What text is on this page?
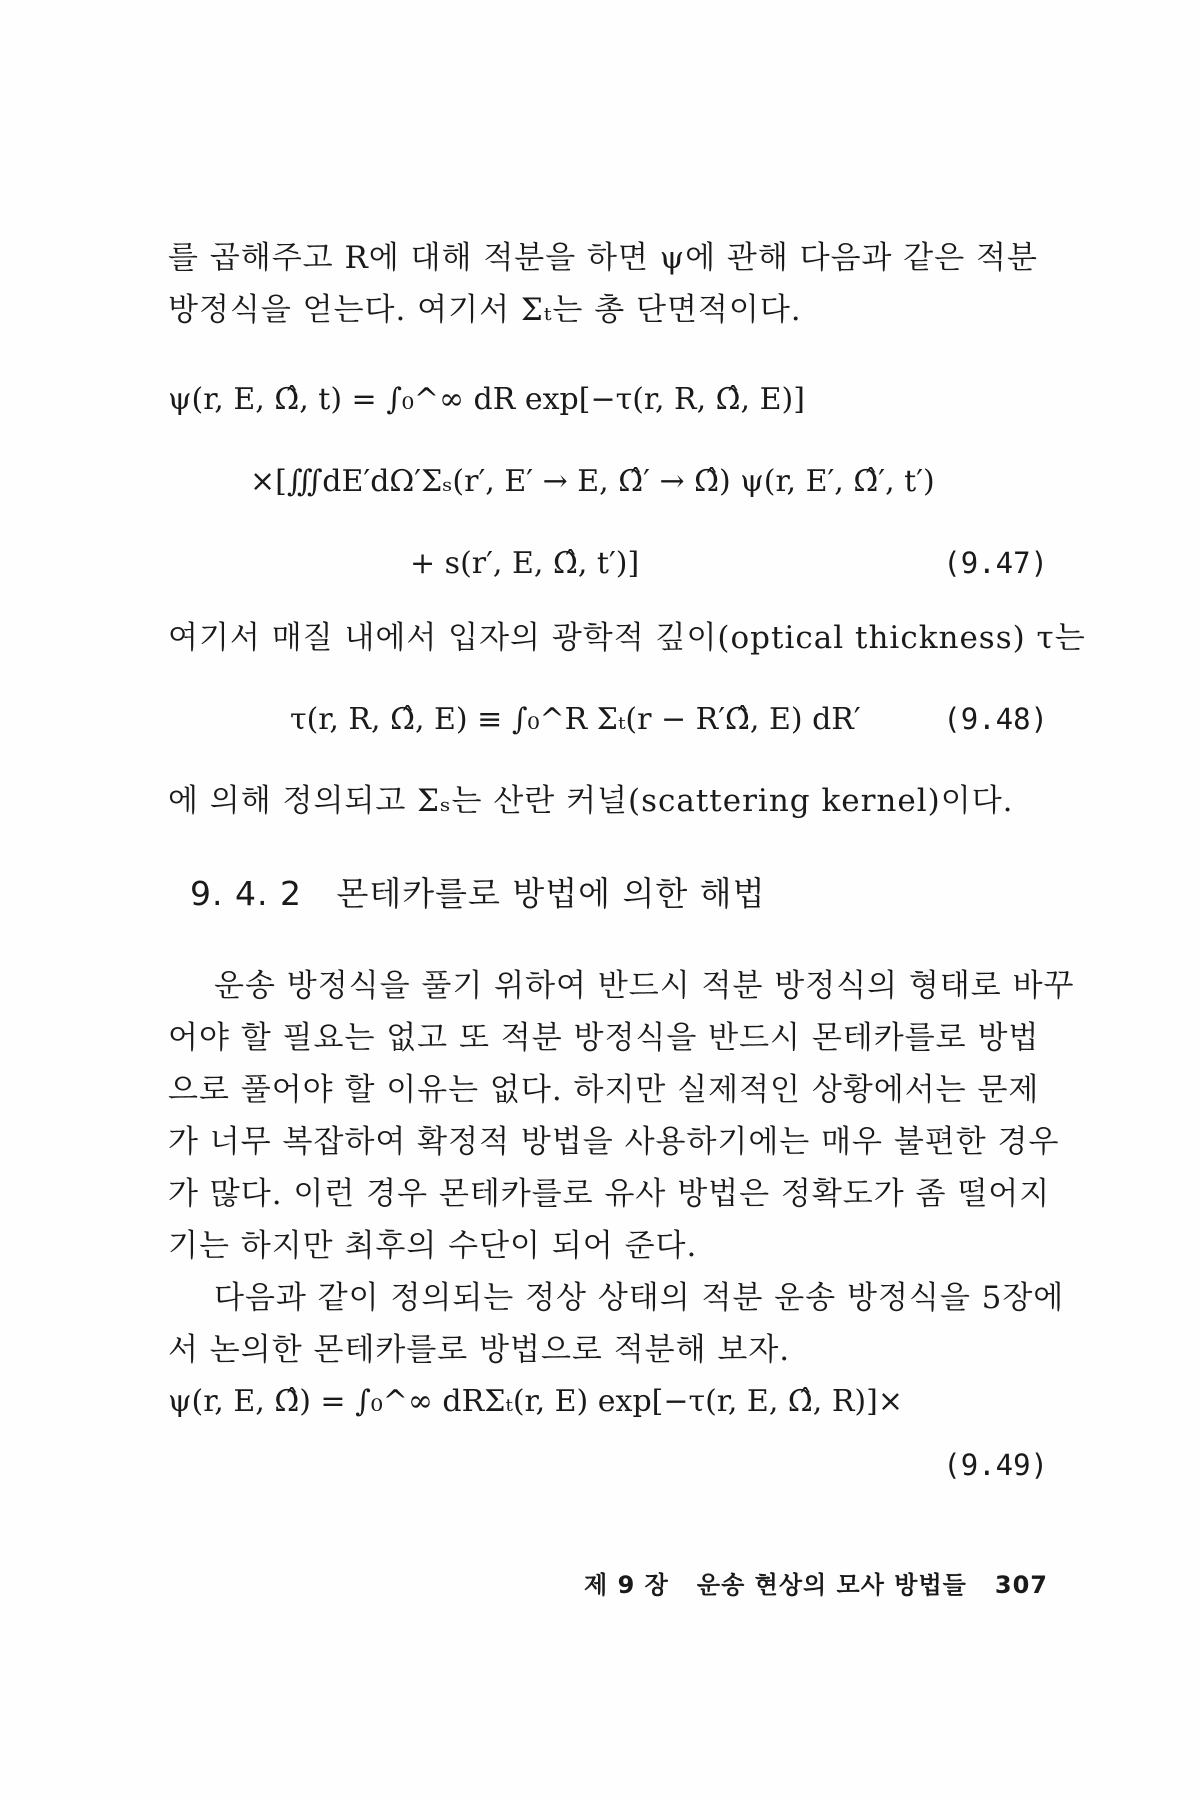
를 곱해주고 R에 대해 적분을 하면 ψ에 관해 다음과 같은 적분
방정식을 얻는다. 여기서 Σₜ는 총 단면적이다.
ψ(r, E, Ω̂, t) = ∫₀^∞ dR exp[−τ(r, R, Ω̂, E)]
×[∭dE′dΩ′Σₛ(r′, E′ → E, Ω̂′ → Ω̂) ψ(r, E′, Ω̂′, t′)
+ s(r′, E, Ω̂, t′)]	(9.47)
여기서 매질 내에서 입자의 광학적 깊이(optical thickness) τ는
τ(r, R, Ω̂, E) ≡ ∫₀^R Σₜ(r − R′Ω̂, E) dR′	(9.48)
에 의해 정의되고 Σₛ는 산란 커널(scattering kernel)이다.
9. 4. 2 몬테카를로 방법에 의한 해법
운송 방정식을 풀기 위하여 반드시 적분 방정식의 형태로 바꾸
어야 할 필요는 없고 또 적분 방정식을 반드시 몬테카를로 방법
으로 풀어야 할 이유는 없다. 하지만 실제적인 상황에서는 문제
가 너무 복잡하여 확정적 방법을 사용하기에는 매우 불편한 경우
가 많다. 이런 경우 몬테카를로 유사 방법은 정확도가 좀 떨어지
기는 하지만 최후의 수단이 되어 준다.
다음과 같이 정의되는 정상 상태의 적분 운송 방정식을 5장에
서 논의한 몬테카를로 방법으로 적분해 보자.
ψ(r, E, Ω̂) = ∫₀^∞ dRΣₜ(r, E) exp[−τ(r, E, Ω̂, R)]×
(9.49)
제 9 장 운송 현상의 모사 방법들 307
